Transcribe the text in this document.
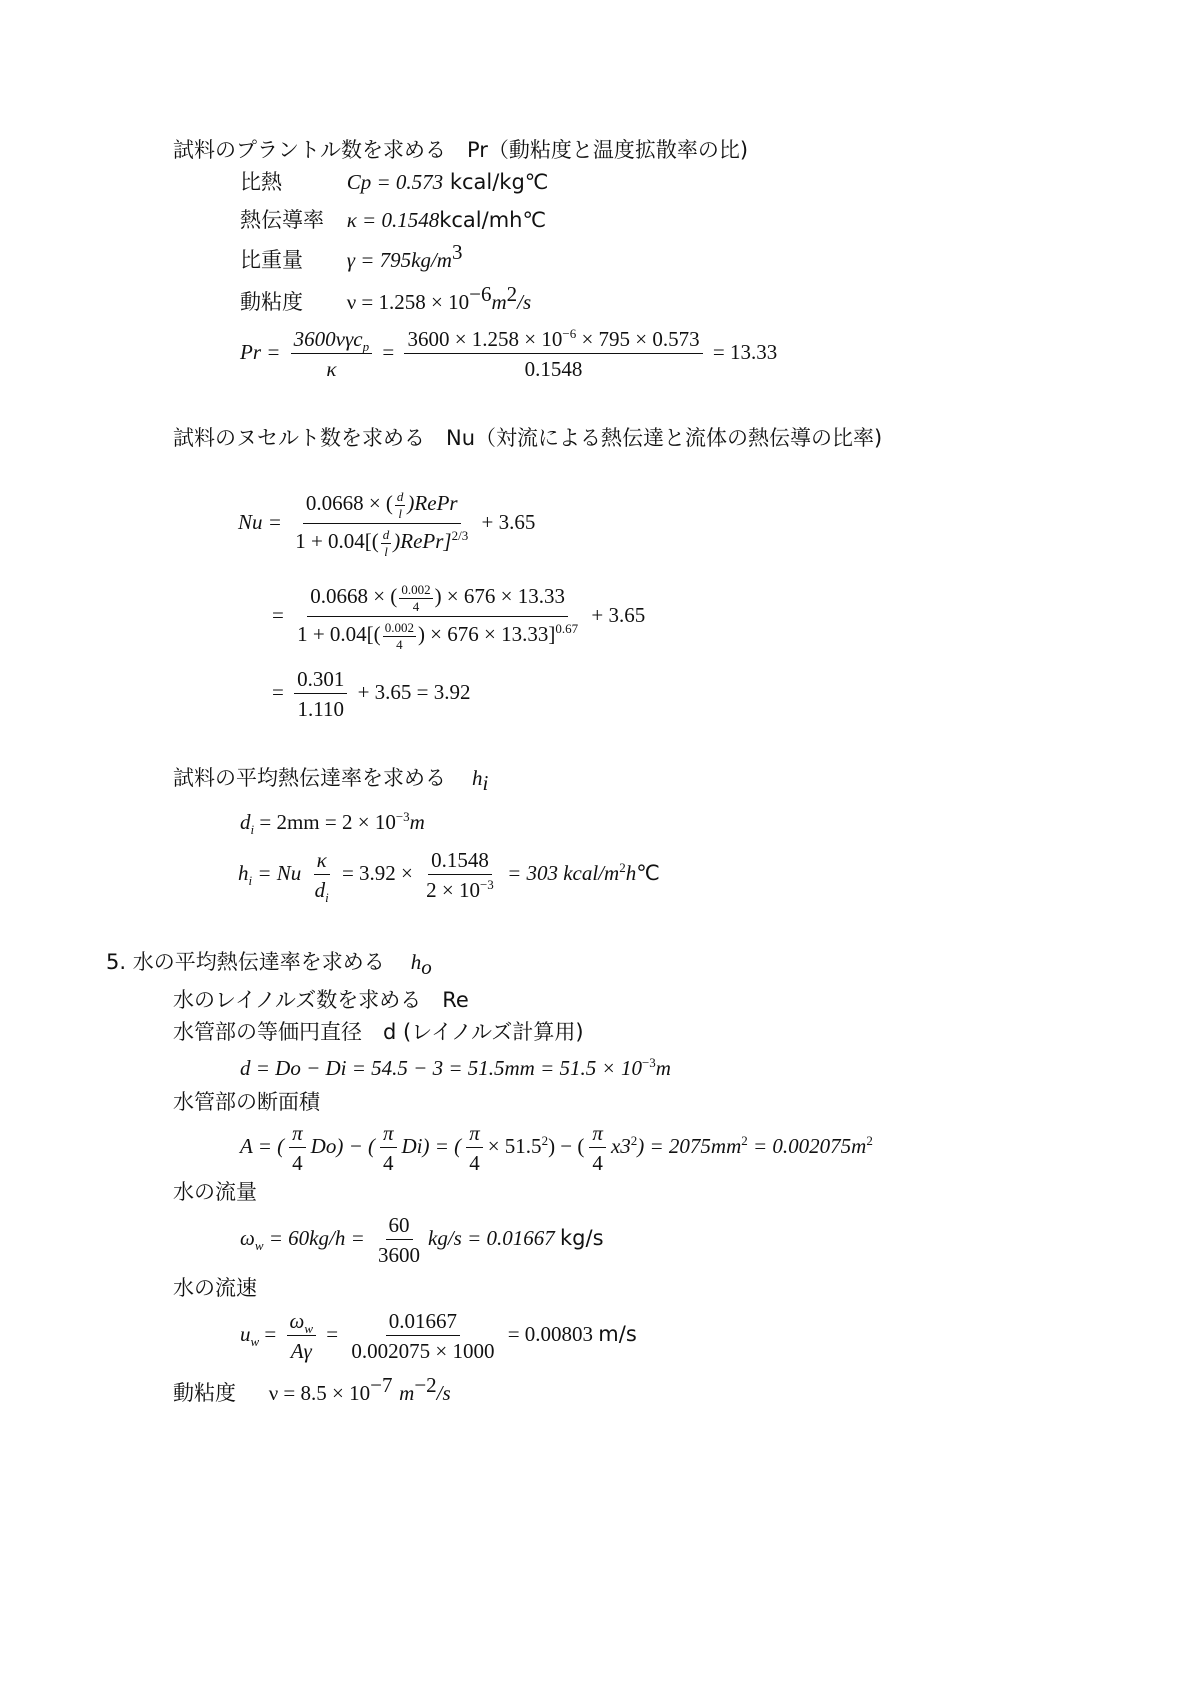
試料のプラントル数を求める　Pr（動粘度と温度拡散率の比)
比熱	Cp = 0.573 kcal/kg℃
熱伝導率 κ = 0.1548kcal/mh℃
比重量 $\gamma = 795kg/m^3$
動粘度 $\nu = 1.258 \times 10^{-6}m^2/s$
$Pr = \frac{3600\nu\gamma c_p}{\kappa} = \frac{3600 \times 1.258 \times 10^{-6} \times 795 \times 0.573}{0.1548} = 13.33$
試料のヌセルト数を求める　Nu（対流による熱伝達と流体の熱伝導の比率)
$Nu = \frac{0.0668 \times ( \frac{d}{l} )RePr}{1 + 0.04[( \frac{d}{l} )RePr]^{2/3}} + 3.65$
= $\frac{0.0668 \times ( \frac{0.002}{4} ) \times 676 \times 13.33}{1 + 0.04[( \frac{0.002}{4} ) \times 676 \times 13.33]^{0.67}} + 3.65$
= $\frac{0.301}{1.110} + 3.65 = 3.92$
試料の平均熱伝達率を求める $h_i$
$d_i = 2mm = 2 \times 10^{-3}m$
$h_i = Nu \frac{\kappa}{d_i} = 3.92 \times \frac{0.1548}{2 \times 10^{-3}} = 303$ kcal/$m^2h℃$
5. 水の平均熱伝達率を求める $h_o$
水のレイノルズ数を求める　Re
水管部の等価円直径　d (レイノルズ計算用)
$d = Do - Di = 54.5 - 3 = 51.5mm = 51.5 \times 10^{-3}m$
水管部の断面積
A = ( $\frac{\pi}{4} Do$) − ( $\frac{\pi}{4} Di$) = ( $\frac{\pi}{4} \times 51.5^2$) − ( $\frac{\pi}{4} x3^2) = 2075mm^2 = 0.002075m^2$
水の流量
$\omega_w = 60kg/h = \frac{60}{3600} kg/s = 0.01667$ kg/s
水の流速
$u_w = \frac{\omega_w}{A\gamma} = \frac{0.01667}{0.002075 \times 1000} = 0.00803$ m/s
動粘度 $\nu = 8.5 \times 10^{-7}$ $m^{-2}/s$
